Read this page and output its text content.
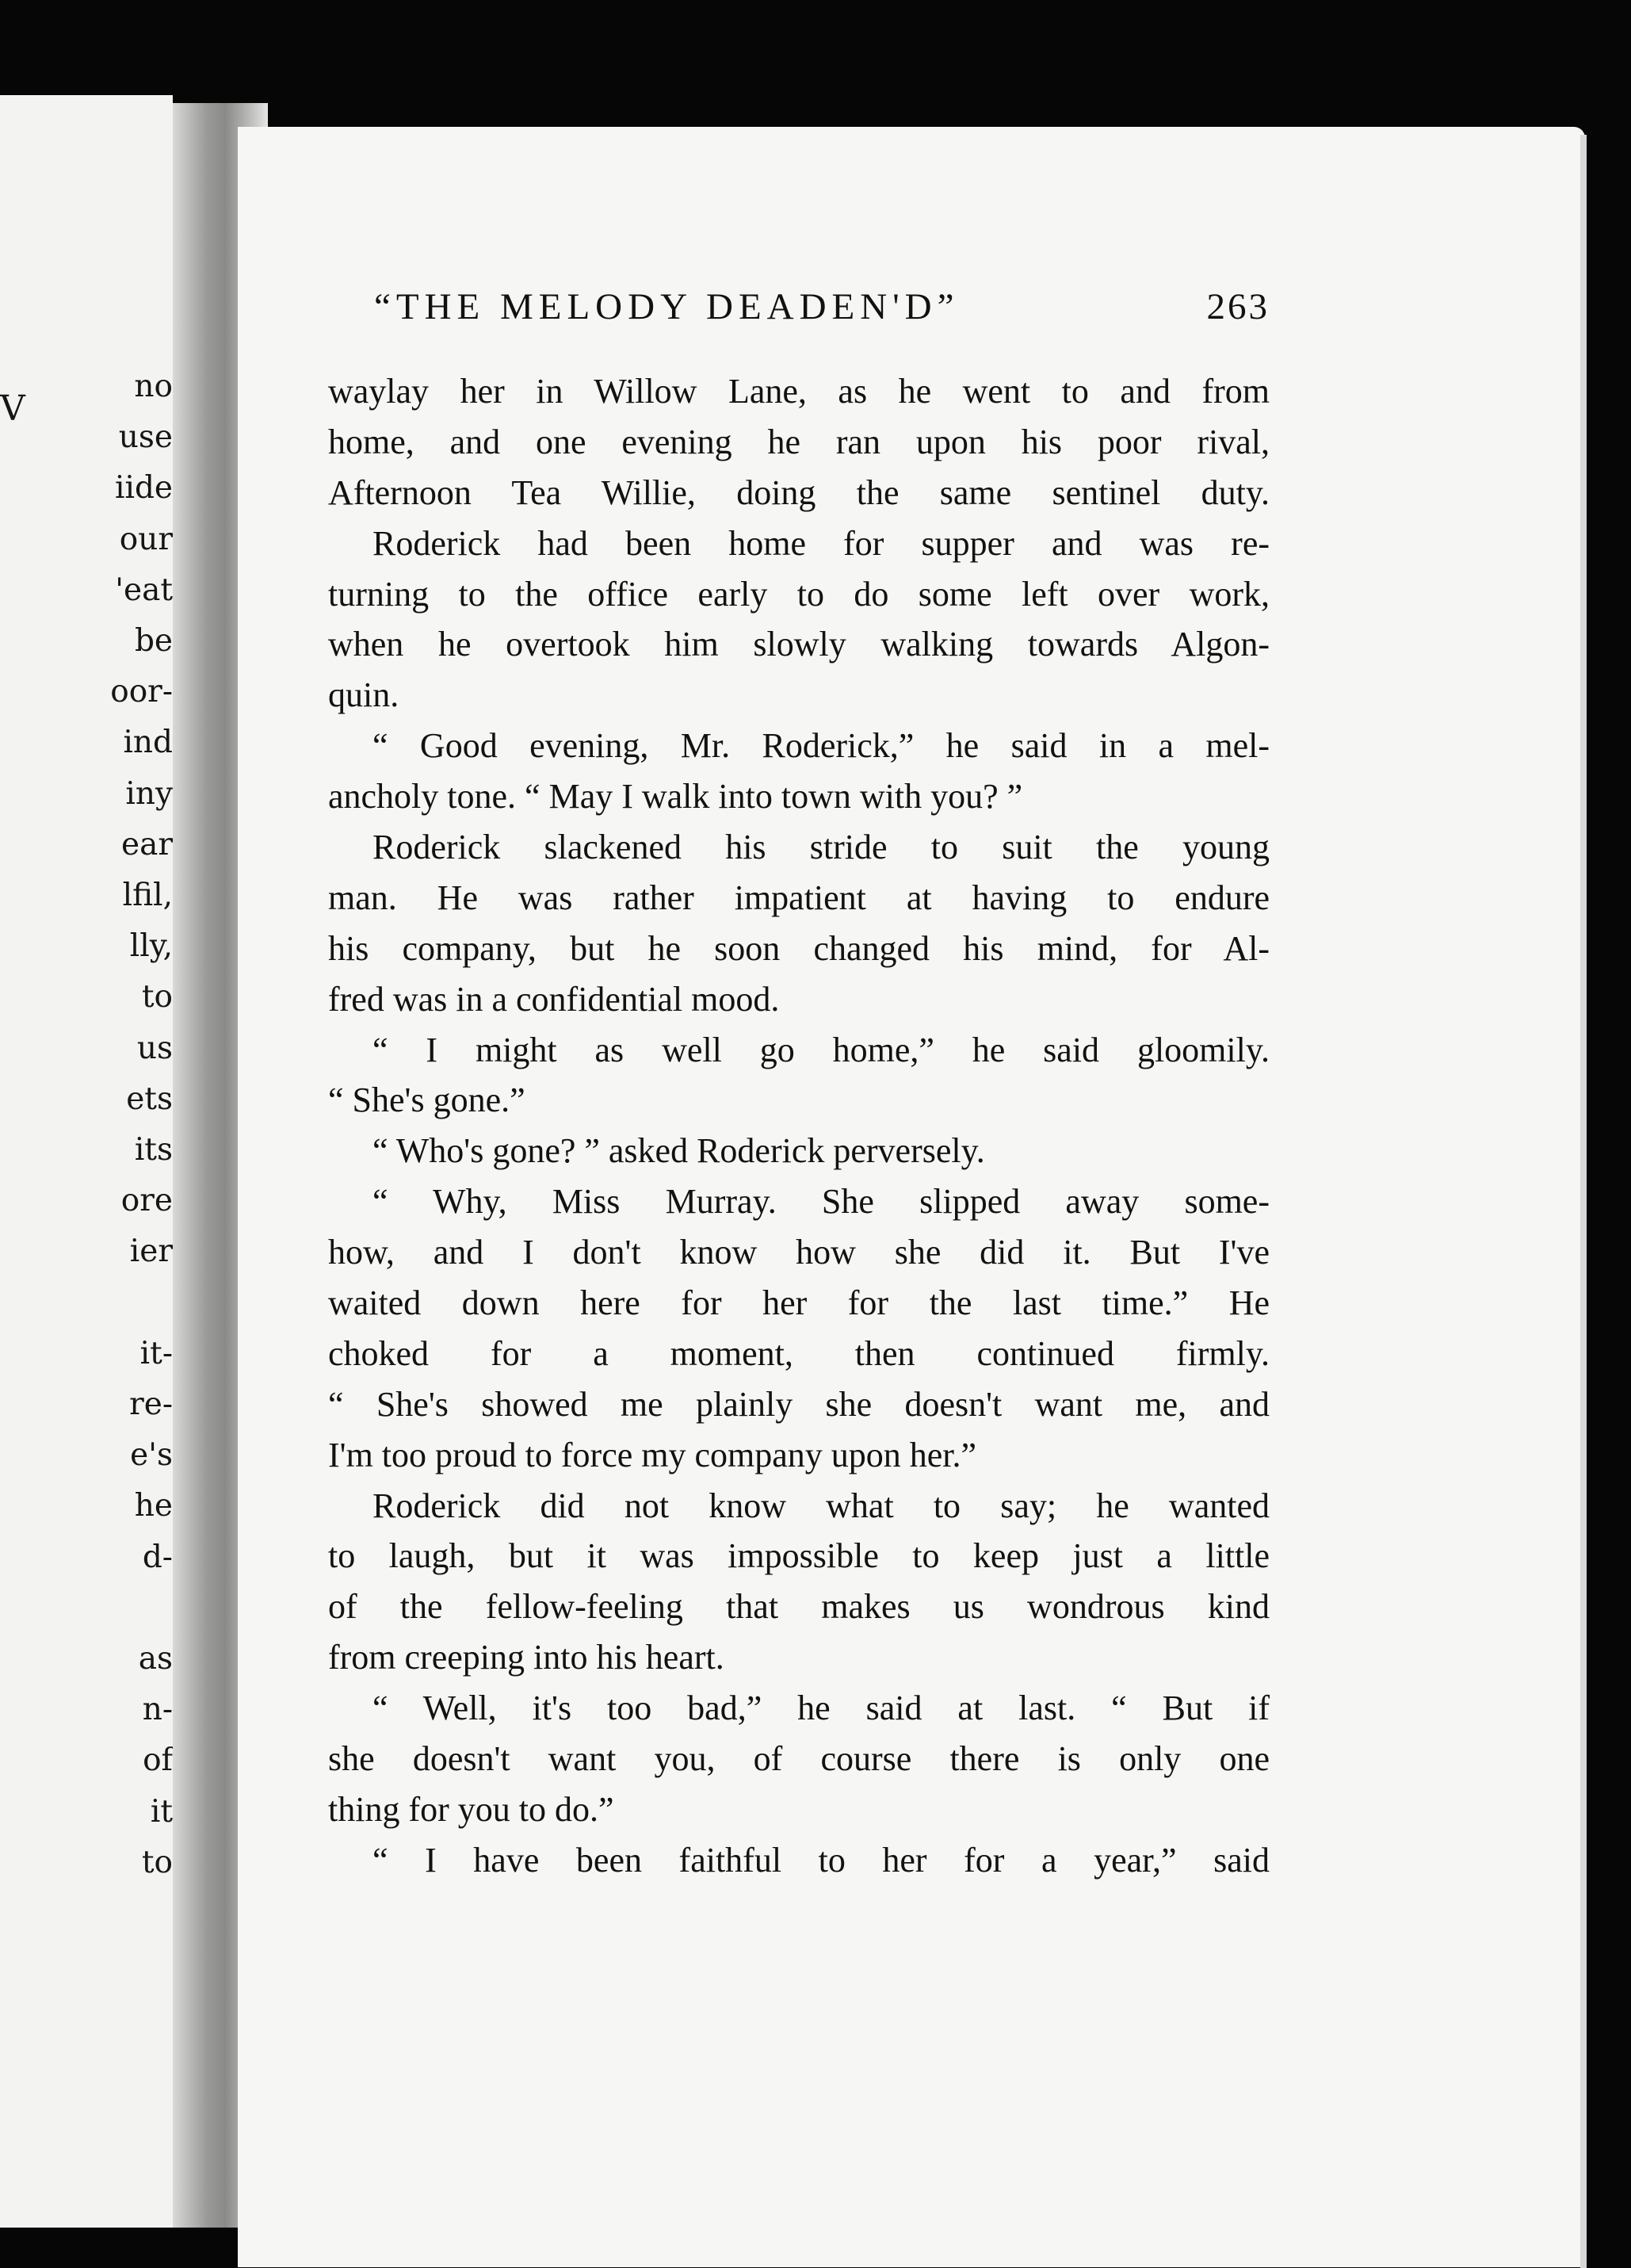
V
no
use
iide
our
'eat
be
oor-
ind
iny
ear
lfil,
lly,
to
us
ets
its
ore
ier
it-
re-
e's
he
d-
as
n-
of
it
to
“THE MELODY DEADEN'D”	263
waylay her in Willow Lane, as he went to and from
home, and one evening he ran upon his poor rival,
Afternoon Tea Willie, doing the same sentinel duty.
Roderick had been home for supper and was re-
turning to the office early to do some left over work,
when he overtook him slowly walking towards Algon-
quin.
“ Good evening, Mr. Roderick,” he said in a mel-
ancholy tone. “ May I walk into town with you? ”
Roderick slackened his stride to suit the young
man. He was rather impatient at having to endure
his company, but he soon changed his mind, for Al-
fred was in a confidential mood.
“ I might as well go home,” he said gloomily.
“ She's gone.”
“ Who's gone? ” asked Roderick perversely.
“ Why, Miss Murray. She slipped away some-
how, and I don't know how she did it. But I've
waited down here for her for the last time.” He
choked for a moment, then continued firmly.
“ She's showed me plainly she doesn't want me, and
I'm too proud to force my company upon her.”
Roderick did not know what to say; he wanted
to laugh, but it was impossible to keep just a little
of the fellow-feeling that makes us wondrous kind
from creeping into his heart.
“ Well, it's too bad,” he said at last. “ But if
she doesn't want you, of course there is only one
thing for you to do.”
“ I have been faithful to her for a year,” said
